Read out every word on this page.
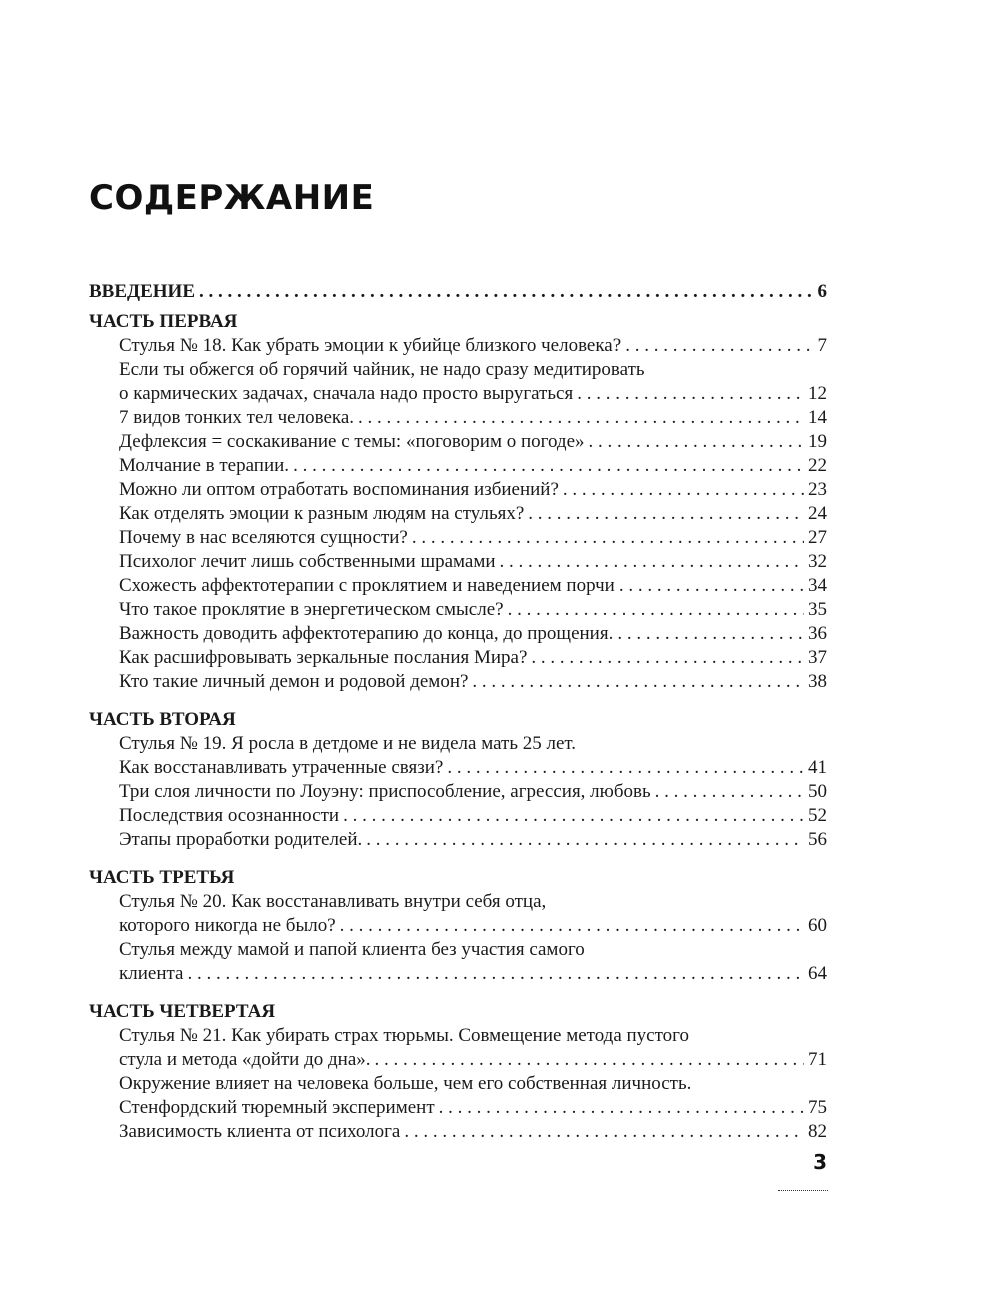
СОДЕРЖАНИЕ
ВВЕДЕНИЕ . . .	6
ЧАСТЬ ПЕРВАЯ
Стулья № 18. Как убрать эмоции к убийце близкого человека? . . .	7
Если ты обжегся об горячий чайник, не надо сразу медитировать
о кармических задачах, сначала надо просто выругаться . . .	12
7 видов тонких тел человека. . . .	14
Дефлексия = соскакивание с темы: «поговорим о погоде» . . .	19
Молчание в терапии. . . .	22
Можно ли оптом отработать воспоминания избиений? . . .	23
Как отделять эмоции к разным людям на стульях? . . .	24
Почему в нас вселяются сущности? . . .	27
Психолог лечит лишь собственными шрамами . . .	32
Схожесть аффектотерапии с проклятием и наведением порчи . . .	34
Что такое проклятие в энергетическом смысле? . . .	35
Важность доводить аффектотерапию до конца, до прощения. . . .	36
Как расшифровывать зеркальные послания Мира? . . .	37
Кто такие личный демон и родовой демон? . . .	38
ЧАСТЬ ВТОРАЯ
Стулья № 19. Я росла в детдоме и не видела мать 25 лет.
Как восстанавливать утраченные связи? . . .	41
Три слоя личности по Лоуэну: приспособление, агрессия, любовь . . .	50
Последствия осознанности . . .	52
Этапы проработки родителей. . . .	56
ЧАСТЬ ТРЕТЬЯ
Стулья № 20. Как восстанавливать внутри себя отца,
которого никогда не было? . . .	60
Стулья между мамой и папой клиента без участия самого
клиента . . .	64
ЧАСТЬ ЧЕТВЕРТАЯ
Стулья № 21. Как убирать страх тюрьмы. Совмещение метода пустого
стула и метода «дойти до дна». . . .	71
Окружение влияет на человека больше, чем его собственная личность.
Стенфордский тюремный эксперимент . . .	75
Зависимость клиента от психолога . . .	82
3
